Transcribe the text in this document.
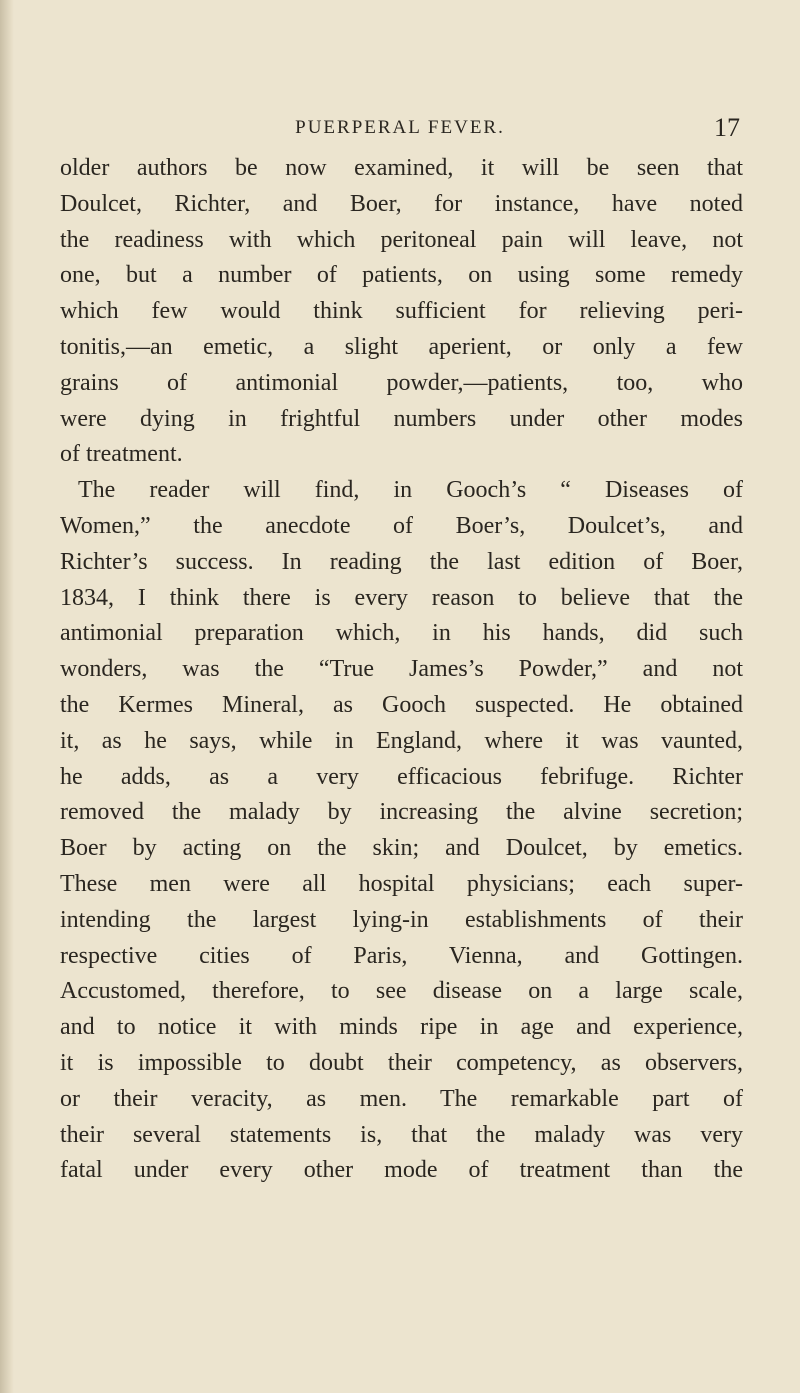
PUERPERAL FEVER.	17
older authors be now examined, it will be seen that
Doulcet, Richter, and Boer, for instance, have noted
the readiness with which peritoneal pain will leave, not
one, but a number of patients, on using some remedy
which few would think sufficient for relieving peri-
tonitis,—an emetic, a slight aperient, or only a few
grains of antimonial powder,—patients, too, who
were dying in frightful numbers under other modes
of treatment.
The reader will find, in Gooch’s “ Diseases of
Women,” the anecdote of Boer’s, Doulcet’s, and
Richter’s success. In reading the last edition of Boer,
1834, I think there is every reason to believe that the
antimonial preparation which, in his hands, did such
wonders, was the “True James’s Powder,” and not
the Kermes Mineral, as Gooch suspected. He obtained
it, as he says, while in England, where it was vaunted,
he adds, as a very efficacious febrifuge. Richter
removed the malady by increasing the alvine secretion;
Boer by acting on the skin; and Doulcet, by emetics.
These men were all hospital physicians; each super-
intending the largest lying-in establishments of their
respective cities of Paris, Vienna, and Gottingen.
Accustomed, therefore, to see disease on a large scale,
and to notice it with minds ripe in age and experience,
it is impossible to doubt their competency, as observers,
or their veracity, as men. The remarkable part of
their several statements is, that the malady was very
fatal under every other mode of treatment than the
